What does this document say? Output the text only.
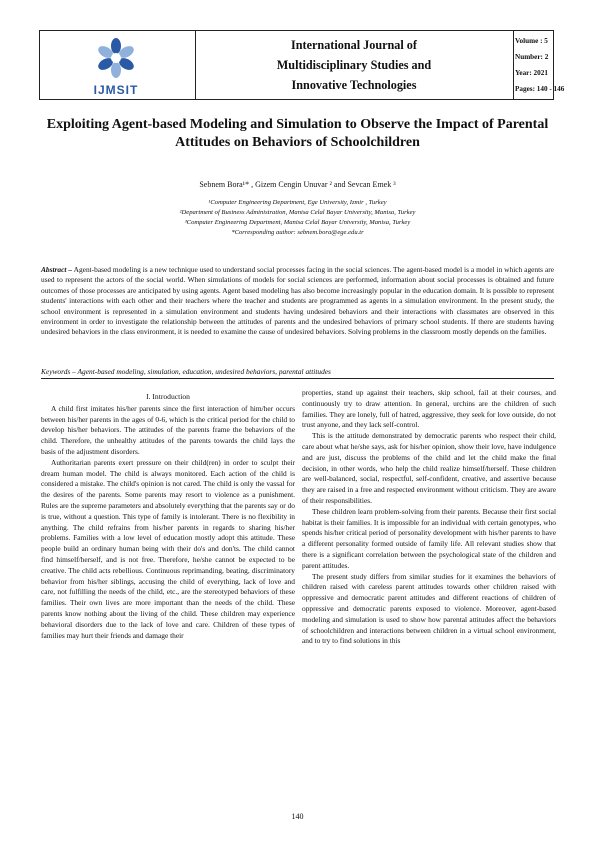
IJMSIT
International Journal of
Multidisciplinary Studies and
Innovative Technologies
Volume : 5
Number: 2
Year: 2021
Pages: 140 - 146
Exploiting Agent-based Modeling and Simulation to Observe the Impact of Parental Attitudes on Behaviors of Schoolchildren
Sebnem Bora¹* , Gizem Cengin Unuvar ² and Sevcan Emek ³
¹Computer Engineering Department, Ege University, Izmir , Turkey
²Department of Business Administration, Manisa Celal Bayar University, Manisa, Turkey
³Computer Engineering Department, Manisa Celal Bayar University, Manisa, Turkey
*Corresponding author: sebnem.bora@ege.edu.tr
Abstract – Agent-based modeling is a new technique used to understand social processes facing in the social sciences. The agent-based model is a model in which agents are used to represent the actors of the social world. When simulations of models for social sciences are performed, information about social processes is obtained and future outcomes of those processes are anticipated by using agents. Agent based modeling has also become increasingly popular in the education domain. It is possible to represent students' interactions with each other and their teachers where the teacher and students are programmed as agents in a simulation environment. In the present study, the school environment is represented in a simulation environment and students having undesired behaviors and their interactions with classmates are observed in this environment in order to investigate the relationship between the attitudes of parents and the undesired behaviors of primary school students. If there are students having undesired behaviors in the class environment, it is needed to examine the cause of undesired behaviors. Solving problems in the classroom mostly depends on the families.
Keywords – Agent-based modeling, simulation, education, undesired behaviors, parental attitudes
I. Introduction

A child first imitates his/her parents since the first interaction of him/her occurs between his/her parents in the ages of 0-6, which is the critical period for the child to develop his/her behaviors. The attitudes of the parents frame the behaviors of the child. Therefore, the unhealthy attitudes of the parents towards the child lays the basis of the adjustment disorders.

Authoritarian parents exert pressure on their child(ren) in order to sculpt their dream human model. The child is always monitored. Each action of the child is considered a mistake. The child's opinion is not cared. The child is only the vassal for the desires of the parents. Some parents may resort to violence as a punishment. Rules are the supreme parameters and absolutely everything that the parents say or do is true, without a question. This type of family is intolerant. There is no flexibility in anything. The child refrains from his/her parents in regards to sharing his/her problems. Families with a low level of education mostly adopt this attitude. These people build an ordinary human being with their do's and don'ts. The child cannot find himself/herself, and is not free. Therefore, he/she cannot be expected to be creative. The child acts rebellious. Continuous reprimanding, beating, discriminatory behavior from his/her siblings, accusing the child of everything, lack of love and care, not fulfilling the needs of the child, etc., are the stereotyped behaviors of these families. Their own lives are more important than the needs of the child. These parents know nothing about the living of the child. These children may experience behavioral disorders due to the lack of love and care. Children of these types of families may hurt their friends and damage their

properties, stand up against their teachers, skip school, fail at their courses, and continuously try to draw attention. In general, urchins are the children of such families. They are lonely, full of hatred, aggressive, they seek for love outside, do not trust anyone, and they lack self-control.

This is the attitude demonstrated by democratic parents who respect their child, care about what he/she says, ask for his/her opinion, show their love, have indulgence and are just, discuss the problems of the child and let the child make the final decision, in other words, who help the child realize himself/herself. These children are well-balanced, social, respectful, self-confident, creative, and assertive because they are raised in a free and respected environment without criticism. They are aware of their responsibilities.

These children learn problem-solving from their parents. Because their first social habitat is their families. It is impossible for an individual with certain genotypes, who spends his/her critical period of personality development with his/her parents to have a different personality formed outside of family life. All relevant studies show that there is a significant correlation between the psychological state of the children and parent attitudes.

The present study differs from similar studies for it examines the behaviors of children raised with careless parent attitudes towards other children raised with oppressive and democratic parent attitudes and different reactions of children of oppressive and democratic parents exposed to violence. Moreover, agent-based modeling and simulation is used to show how parental attitudes affect the behaviors of schoolchildren and interactions between children in a virtual school environment, and to try to find solutions in this

140
